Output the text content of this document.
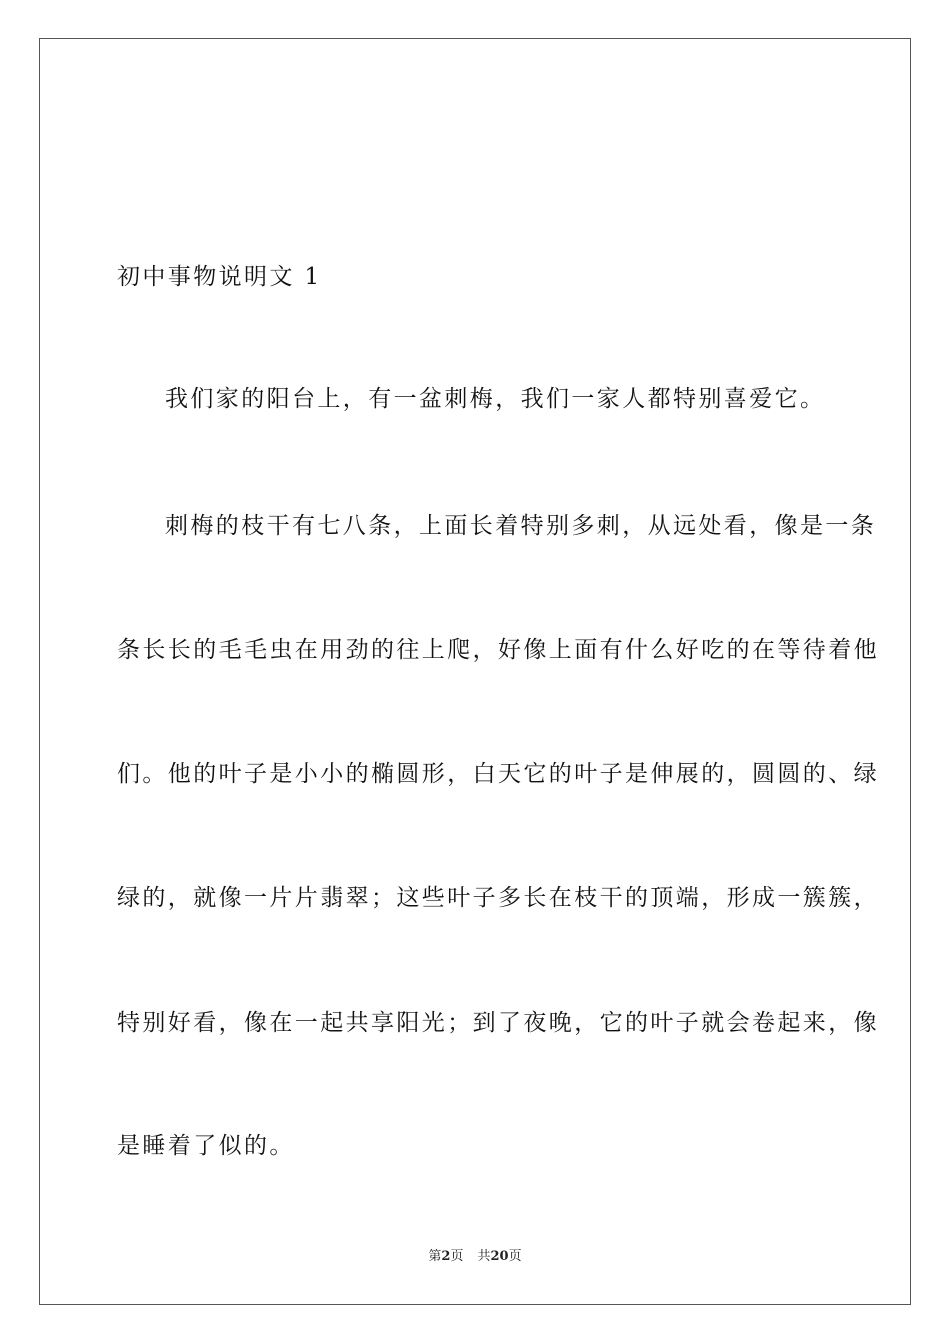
初中事物说明文 1
我们家的阳台上，有一盆刺梅，我们一家人都特别喜爱它。
刺梅的枝干有七八条，上面长着特别多刺，从远处看，像是一条
条长长的毛毛虫在用劲的往上爬，好像上面有什么好吃的在等待着他
们。他的叶子是小小的椭圆形，白天它的叶子是伸展的，圆圆的、绿
绿的，就像一片片翡翠；这些叶子多长在枝干的顶端，形成一簇簇，
特别好看，像在一起共享阳光；到了夜晚，它的叶子就会卷起来，像
是睡着了似的。
第2页 共20页
